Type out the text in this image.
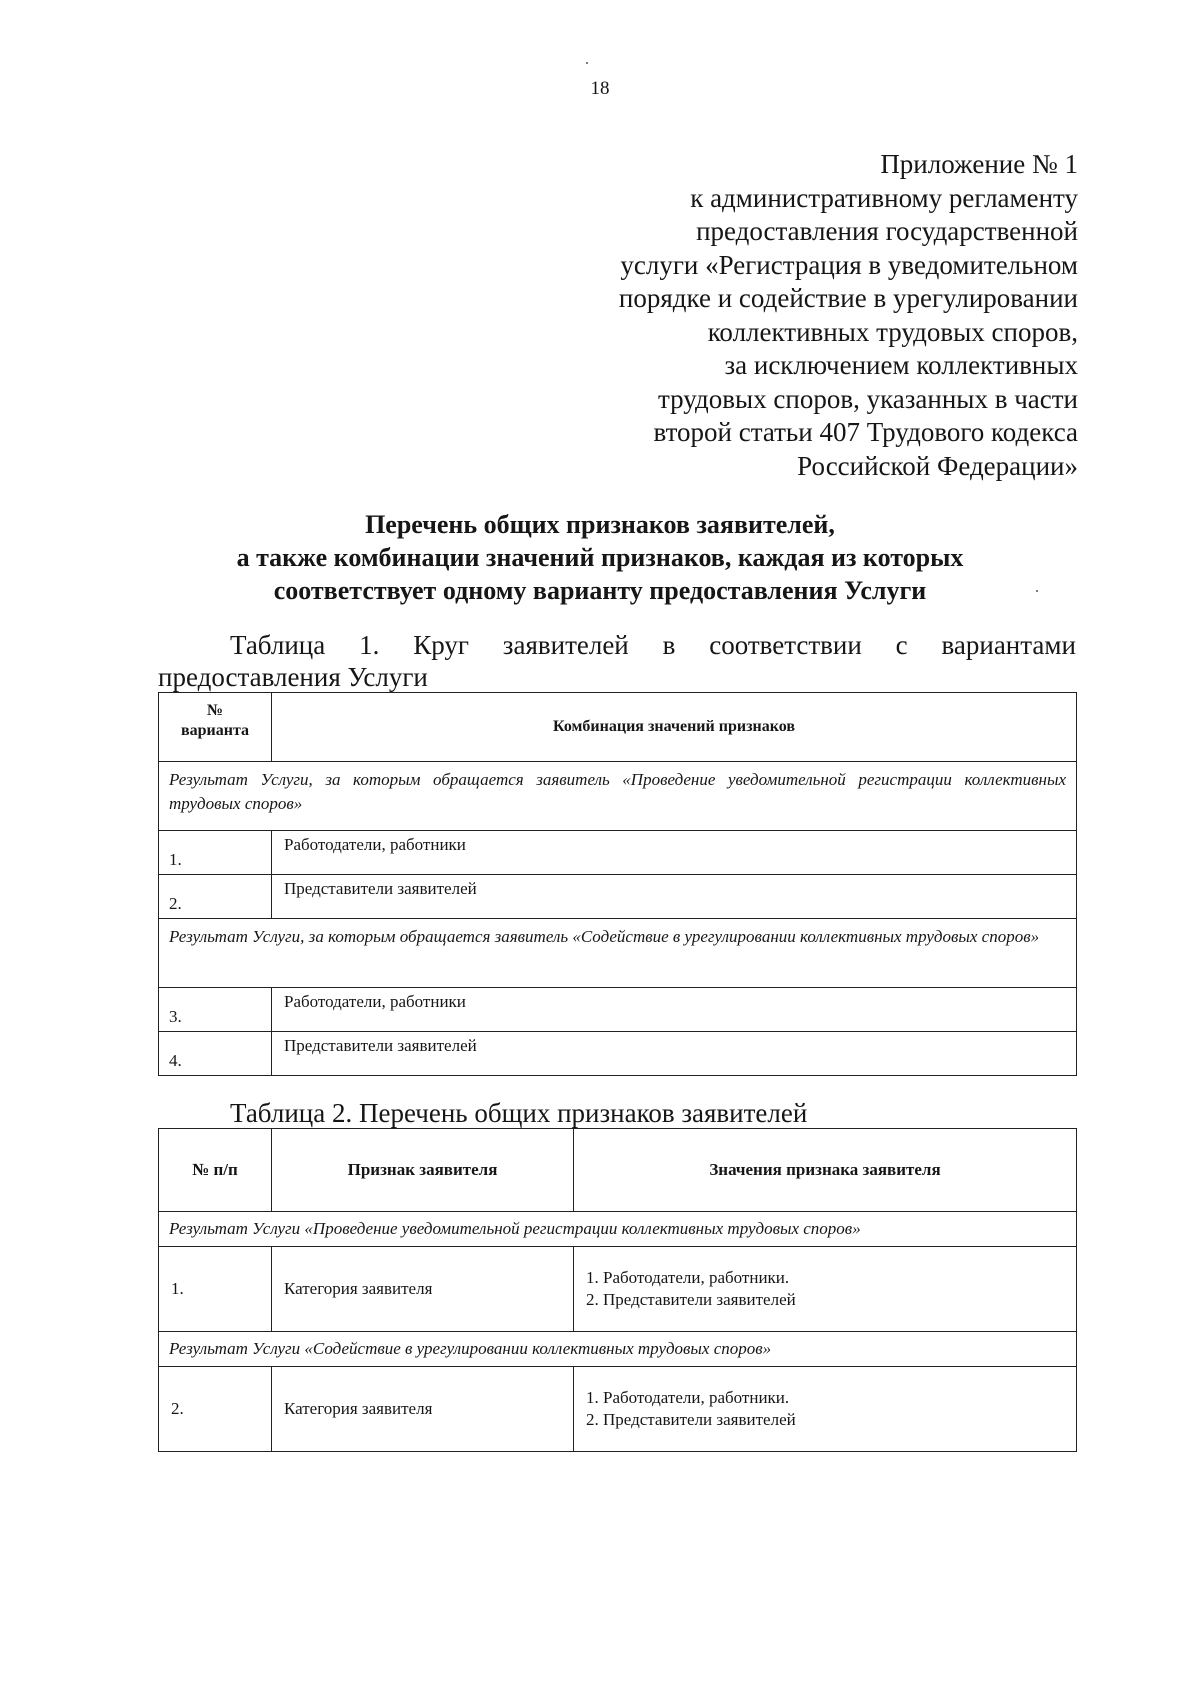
18
Приложение № 1
к административному регламенту
предоставления государственной
услуги «Регистрация в уведомительном
порядке и содействие в урегулировании
коллективных трудовых споров,
за исключением коллективных
трудовых споров, указанных в части
второй статьи 407 Трудового кодекса
Российской Федерации»
Перечень общих признаков заявителей,
а также комбинации значений признаков, каждая из которых
соответствует одному варианту предоставления Услуги
Таблица 1. Круг заявителей в соответствии с вариантами
предоставления Услуги
№
варианта	Комбинация значений признаков
Результат Услуги, за которым обращается заявитель «Проведение уведомительной регистрации коллективных трудовых споров»	

1.	Работодатели, работники

2.	Представители заявителей
Результат Услуги, за которым обращается заявитель «Содействие в урегулировании коллективных трудовых споров»	

3.	Работодатели, работники

4.	Представители заявителей
Таблица 2. Перечень общих признаков заявителей
№ п/п	Признак заявителя	Значения признака заявителя
Результат Услуги «Проведение уведомительной регистрации коллективных трудовых споров»		
1.	Категория заявителя	1. Работодатели, работники.
2. Представители заявителей

Результат Услуги «Содействие в урегулировании коллективных трудовых споров»		
2.	Категория заявителя	1. Работодатели, работники.
2. Представители заявителей
